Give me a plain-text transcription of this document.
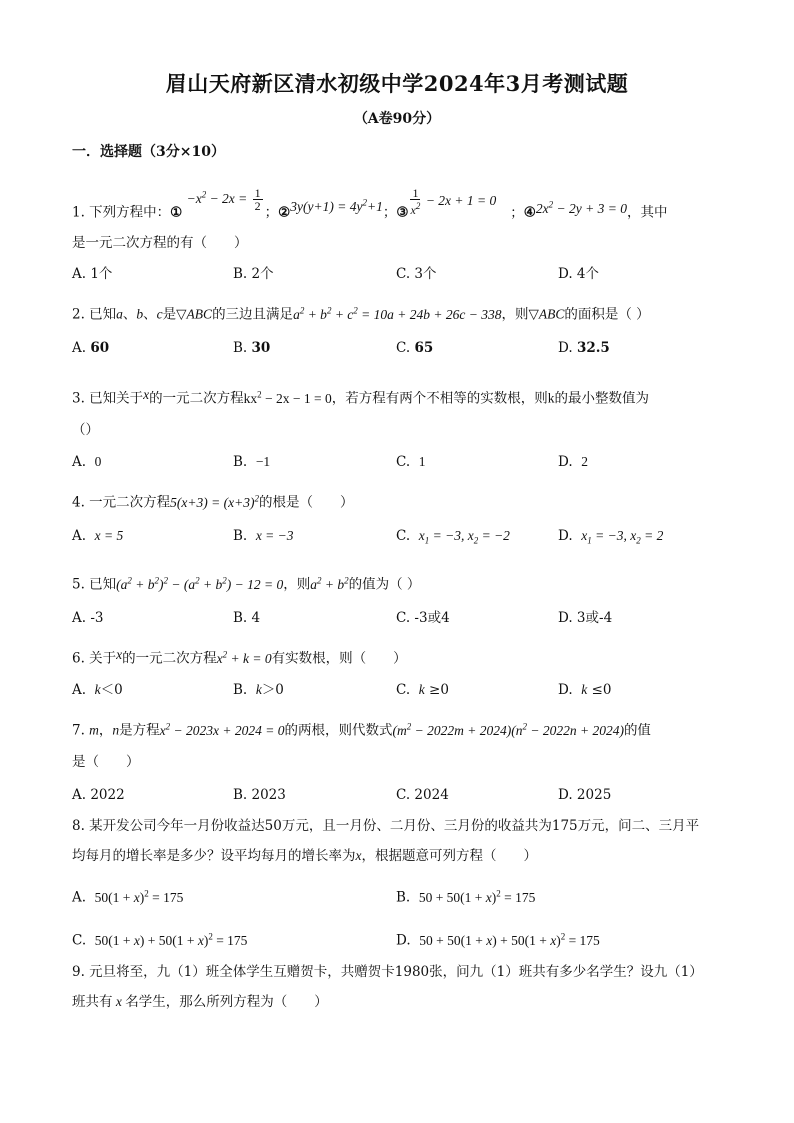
眉山天府新区清水初级中学2024年3月考测试题
（A卷90分）
一．选择题（3分×10）
1. 下列方程中：① $-x^2 - 2x = \frac{1}{2}$
；②3y(y+1) = $4y^2+1$；③ $\frac{1}{x^2} - 2x + 1 = 0$；$④2x^2 - 2y + 3 = 0$，其中
是一元二次方程的有（　　）
A. 1个	B. 2个	C. 3个	D. 4个
2. 已知a、b、c是▽ABC的三边且满足$a^2 + b^2 + c^2 = 10a + 24b + 26c - 338$，则▽ABC的面积是（ ）
A. 60	B. 30	C. 65	D. 32.5
3. 已知关于x的一元二次方程$kx^2 - 2x - 1 = 0$，若方程有两个不相等的实数根，则k的最小整数值为
（）
A. 0	B. −1	C. 1	D. 2
4. 一元二次方程$5(x+3) = (x+3)^2$的根是（　　）
A. x = 5	B. x = −3	C. $x_1 = -3$, $x_2 = -2$	D. $x_1 = -3$, $x_2 = 2$
5. 已知$(a^2 + b^2)^2 - (a^2 + b^2) - 12 = 0$，则$a^2 + b^2$的值为（ ）
A. -3	B. 4	C. -3或4	D. 3或-4
6. 关于x的一元二次方程$x^2 + k = 0$有实数根，则（　　）
A. k＜0	B. k＞0	C. k ≥0	D. k ≤0
7. m，n是方程$x^2 - 2023x + 2024 = 0$的两根，则代数式$(m^2 - 2022m + 2024)(n^2 - 2022n + 2024)$的值
是（　　）
A. 2022	B. 2023	C. 2024	D. 2025
8. 某开发公司今年一月份收益达50万元，且一月份、二月份、三月份的收益共为175万元，问二、三月平
均每月的增长率是多少？设平均每月的增长率为x，根据题意可列方程（　　）
A. $50(1 + x)^2 = 175$	B. $50 + 50(1 + x)^2 = 175$
C. $50(1 + x) + 50(1 + x)^2 = 175$	D. $50 + 50(1 + x) + 50(1 + x)^2 = 175$
9. 元旦将至，九（1）班全体学生互赠贺卡，共赠贺卡1980张，问九（1）班共有多少名学生？设九（1）
班共有 x 名学生，那么所列方程为（　　）
